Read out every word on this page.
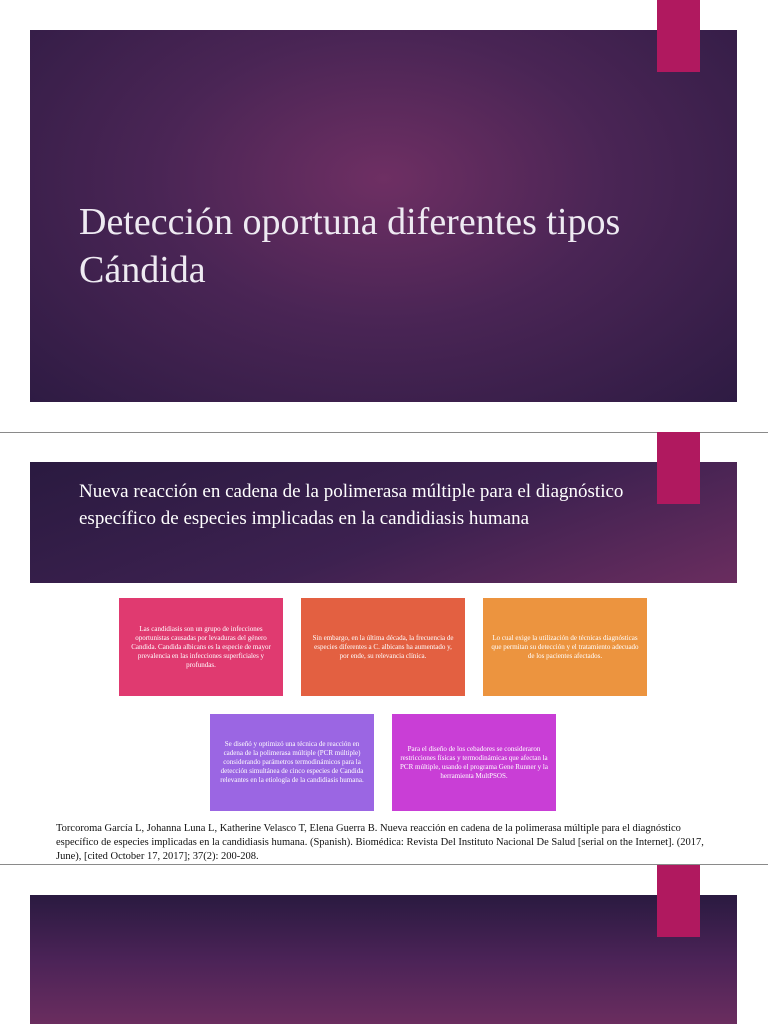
Detección oportuna diferentes tipos Cándida
Nueva reacción en cadena de la polimerasa múltiple para el diagnóstico específico de especies implicadas en la candidiasis humana
Las candidiasis son un grupo de infecciones oportunistas causadas por levaduras del género Candida. Candida albicans es la especie de mayor prevalencia en las infecciones superficiales y profundas.
Sin embargo, en la última década, la frecuencia de especies diferentes a C. albicans ha aumentado y, por ende, su relevancia clínica.
Lo cual exige la utilización de técnicas diagnósticas que permitan su detección y el tratamiento adecuado de los pacientes afectados.
Se diseñó y optimizó una técnica de reacción en cadena de la polimerasa múltiple (PCR múltiple) considerando parámetros termodinámicos para la detección simultánea de cinco especies de Candida relevantes en la etiología de la candidiasis humana.
Para el diseño de los cebadores se consideraron restricciones físicas y termodinámicas que afectan la PCR múltiple, usando el programa Gene Runner y la herramienta MultPSOS.
Torcoroma García L, Johanna Luna L, Katherine Velasco T, Elena Guerra B. Nueva reacción en cadena de la polimerasa múltiple para el diagnóstico específico de especies implicadas en la candidiasis humana. (Spanish). Biomédica: Revista Del Instituto Nacional De Salud [serial on the Internet]. (2017, June), [cited October 17, 2017]; 37(2): 200-208.
